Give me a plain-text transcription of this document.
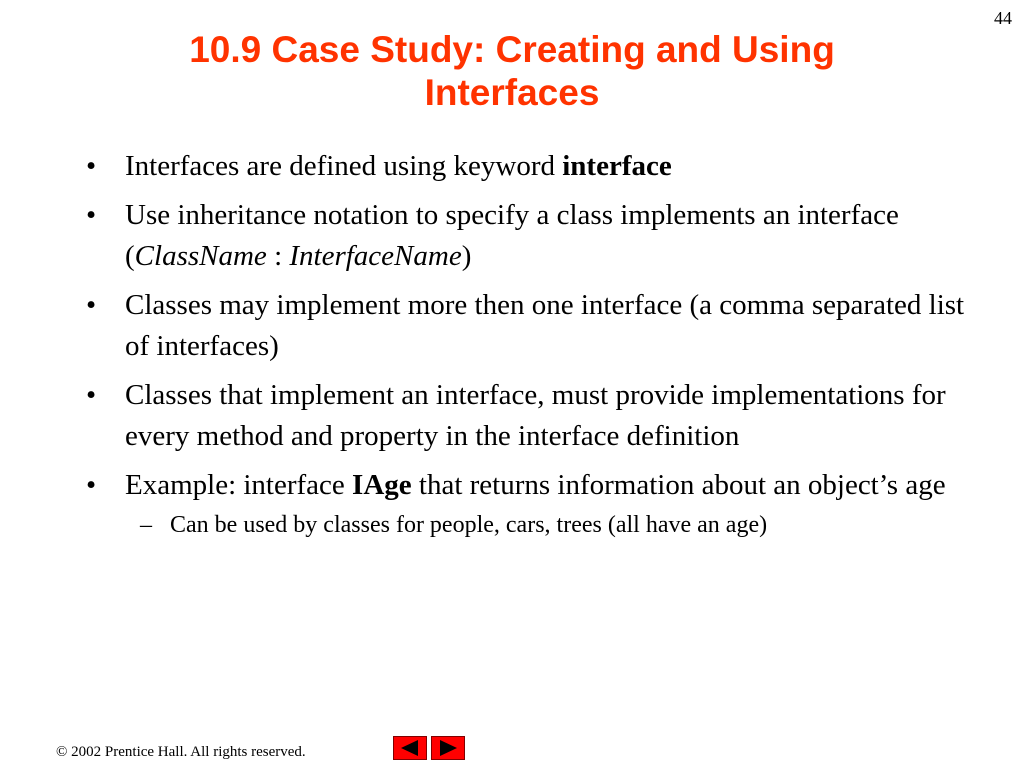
44
10.9 Case Study: Creating and Using
Interfaces
• Interfaces are defined using keyword interface
• Use inheritance notation to specify a class implements an interface (ClassName : InterfaceName)
• Classes may implement more then one interface (a comma separated list of interfaces)
• Classes that implement an interface, must provide implementations for every method and property in the interface definition
• Example: interface IAge that returns information about an object’s age
– Can be used by classes for people, cars, trees (all have an age)
© 2002 Prentice Hall. All rights reserved.
